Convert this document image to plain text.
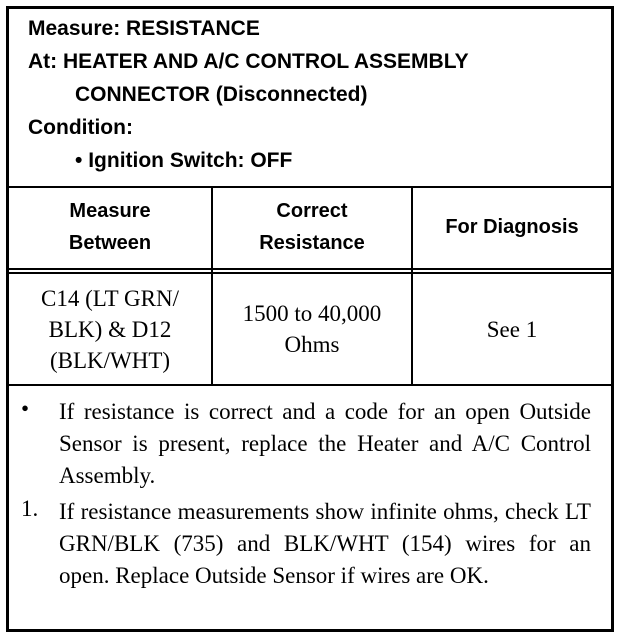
Measure: RESISTANCE
At: HEATER AND A/C CONTROL ASSEMBLY
CONNECTOR (Disconnected)
Condition:
• Ignition Switch: OFF
Measure
Between
Correct
Resistance
For Diagnosis
C14 (LT GRN/
BLK) & D12
(BLK/WHT)
1500 to 40,000
Ohms
See 1
•	If resistance is correct and a code for an open Outside Sensor is present, replace the Heater and A/C Control Assembly.
1. If resistance measurements show infinite ohms, check LT GRN/BLK (735) and BLK/WHT (154) wires for an open. Replace Outside Sensor if wires are OK.
